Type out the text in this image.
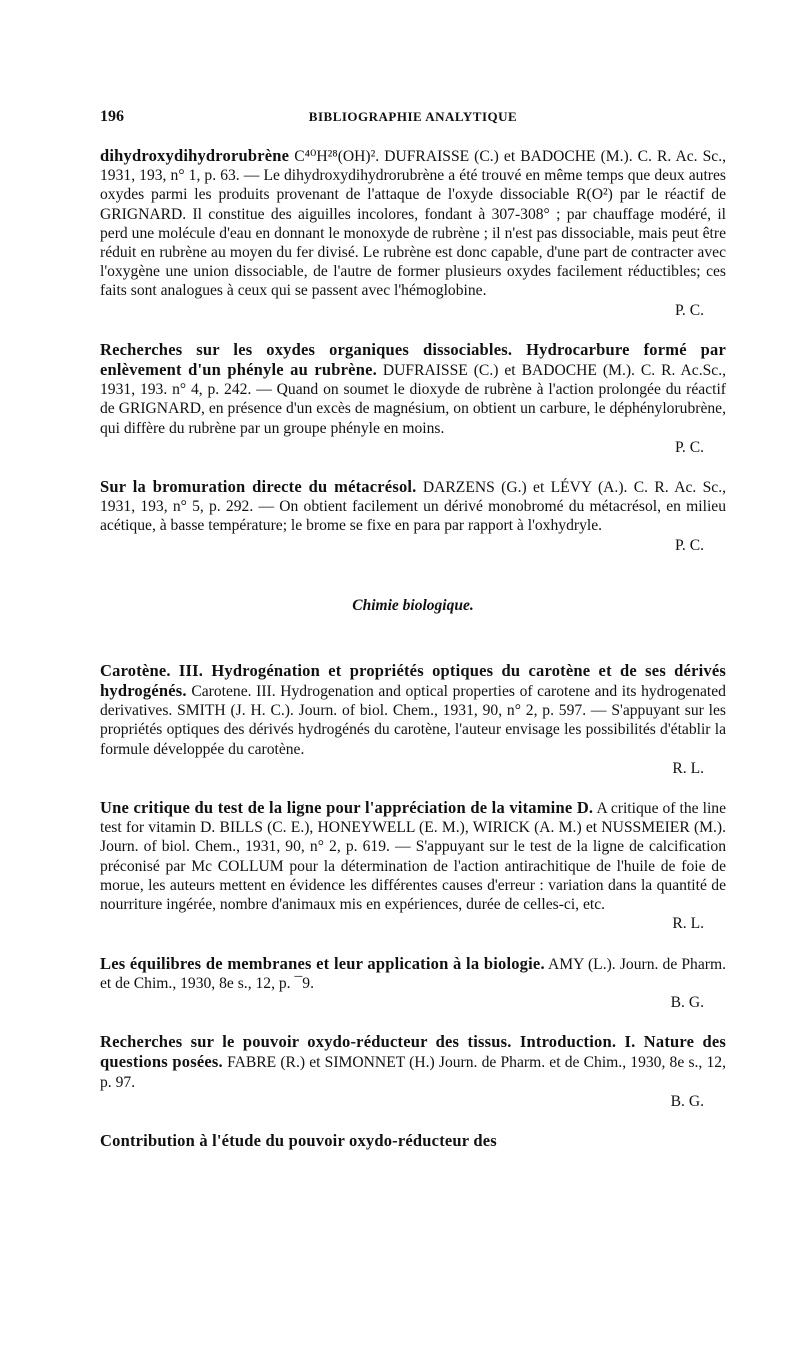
196	BIBLIOGRAPHIE ANALYTIQUE

dihydroxydihydrorubrène C⁴⁰H²⁸(OH)². DUFRAISSE (C.) et BADOCHE (M.). C. R. Ac. Sc., 1931, 193, n° 1, p. 63. — Le dihydroxydihydrorubrène a été trouvé en même temps que deux autres oxydes parmi les produits provenant de l'attaque de l'oxyde dissociable R(O²) par le réactif de GRIGNARD. Il constitue des aiguilles incolores, fondant à 307-308° ; par chauffage modéré, il perd une molécule d'eau en donnant le monoxyde de rubrène ; il n'est pas dissociable, mais peut être réduit en rubrène au moyen du fer divisé. Le rubrène est donc capable, d'une part de contracter avec l'oxygène une union dissociable, de l'autre de former plusieurs oxydes facilement réductibles; ces faits sont analogues à ceux qui se passent avec l'hémoglobine.

P. C.

Recherches sur les oxydes organiques dissociables. Hydrocarbure formé par enlèvement d'un phényle au rubrène. DUFRAISSE (C.) et BADOCHE (M.). C. R. Ac.Sc., 1931, 193. n° 4, p. 242. — Quand on soumet le dioxyde de rubrène à l'action prolongée du réactif de GRIGNARD, en présence d'un excès de magnésium, on obtient un carbure, le déphénylorubrène, qui diffère du rubrène par un groupe phényle en moins.

P. C.

Sur la bromuration directe du métacrésol. DARZENS (G.) et LÉVY (A.). C. R. Ac. Sc., 1931, 193, n° 5, p. 292. — On obtient facilement un dérivé monobromé du métacrésol, en milieu acétique, à basse température; le brome se fixe en para par rapport à l'oxhydryle.

P. C.
Chimie biologique.

Carotène. III. Hydrogénation et propriétés optiques du carotène et de ses dérivés hydrogénés. Carotene. III. Hydrogenation and optical properties of carotene and its hydrogenated derivatives. SMITH (J. H. C.). Journ. of biol. Chem., 1931, 90, n° 2, p. 597. — S'appuyant sur les propriétés optiques des dérivés hydrogénés du carotène, l'auteur envisage les possibilités d'établir la formule développée du carotène.

R. L.

Une critique du test de la ligne pour l'appréciation de la vitamine D. A critique of the line test for vitamin D. BILLS (C. E.), HONEYWELL (E. M.), WIRICK (A. M.) et NUSSMEIER (M.). Journ. of biol. Chem., 1931, 90, n° 2, p. 619. — S'appuyant sur le test de la ligne de calcification préconisé par Mc COLLUM pour la détermination de l'action antirachitique de l'huile de foie de morue, les auteurs mettent en évidence les différentes causes d'erreur : variation dans la quantité de nourriture ingérée, nombre d'animaux mis en expériences, durée de celles-ci, etc.

R. L.

Les équilibres de membranes et leur application à la biologie. AMY (L.). Journ. de Pharm. et de Chim., 1930, 8e s., 12, p. ¯9.

B. G.

Recherches sur le pouvoir oxydo-réducteur des tissus. Introduction. I. Nature des questions posées. FABRE (R.) et SIMONNET (H.) Journ. de Pharm. et de Chim., 1930, 8e s., 12, p. 97.

B. G.

Contribution à l'étude du pouvoir oxydo-réducteur des
